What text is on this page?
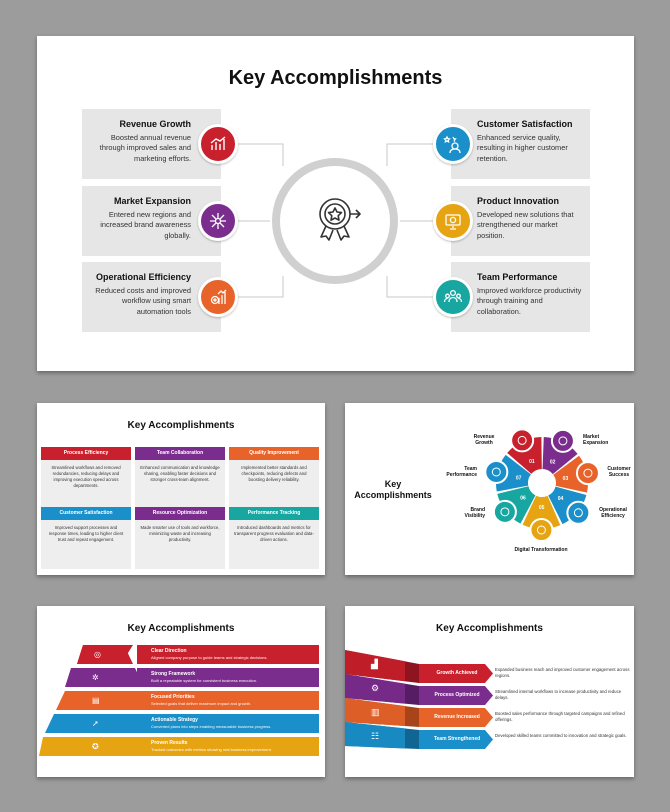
Key Accomplishments
Revenue Growth

Boosted annual revenue through improved sales and marketing efforts.

Market Expansion

Entered new regions and increased brand awareness globally.

Operational Efficiency

Reduced costs and improved workflow using smart automation tools

Customer Satisfaction

Enhanced service quality, resulting in higher customer retention.

Product Innovation

Developed new solutions that strengthened our market position.

Team Performance

Improved workforce productivity through training and collaboration.

Key Accomplishments
Streamlined workflows and removed redundancies, reducing delays and improving execution speed across departments.
Process Efficiency
Enhanced communication and knowledge sharing, enabling faster decisions and stronger cross-team alignment.
Team Collaboration
Implemented better standards and checkpoints, reducing defects and boosting delivery reliability.
Quality Improvement
Improved support processes and response times, leading to higher client trust and repeat engagement.
Customer Satisfaction
Made smarter use of tools and workforce, minimizing waste and increasing productivity.
Resource Optimization
Introduced dashboards and metrics for transparent progress evaluation and data-driven actions.
Performance Tracking
Key Accomplishments
01	02
03
04
05
06
07
Revenue Growth
Market Expansion
Customer Success
Operational Efficiency
Digital Transformation
Brand Visibility
Team Performance
Key Accomplishments
Clear Direction
Aligned company purpose to guide teams and strategic decisions.
Strong Framework
Built a repeatable system for consistent business execution.
Focused Priorities
Selected goals that deliver maximum impact and growth.
Actionable Strategy
Converted plans into steps enabling measurable business progress.
Proven Results
Tracked outcomes with metrics showing real business improvement.
◎
✲
▤
➚
✪
Key Accomplishments
Growth Achieved
Process Optimized
Revenue Increased
Team Strengthened
Expanded business reach and improved customer engagement across regions.
Streamlined internal workflows to increase productivity and reduce delays.
Boosted sales performance through targeted campaigns and refined offerings.
Developed skilled teams committed to innovation and strategic goals.
▟
⚙
▥
☷
